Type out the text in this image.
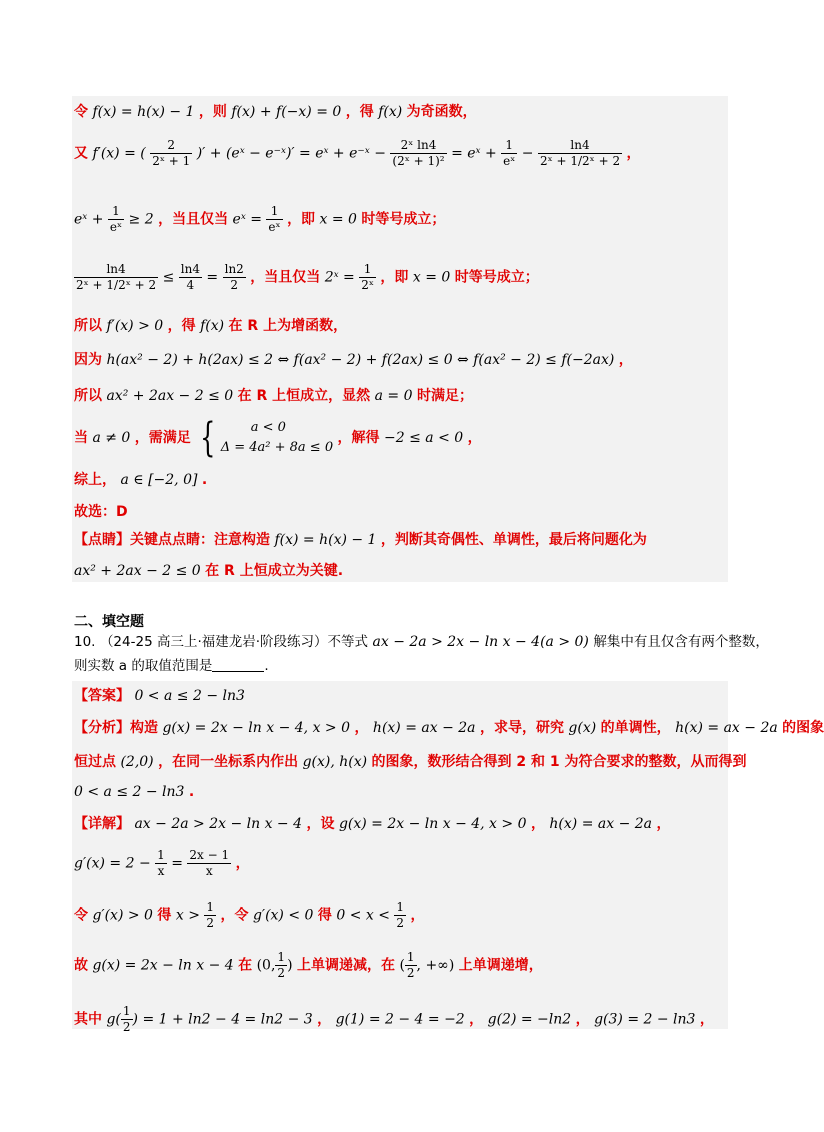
令 f(x) = h(x) − 1 ，则 f(x) + f(−x) = 0 ，得 f(x) 为奇函数，
又 f′(x) = ( $\frac{2}{\text{2ˣ + 1}}$ )′ + (eˣ − e⁻ˣ)′ = eˣ + e⁻ˣ − $\frac{\text{2ˣ ln4}}{\text{(2ˣ + 1)²}}$ = eˣ + $\frac{1}{\text{eˣ}} - \frac{\ln 4}{\text{2ˣ + 1/2ˣ + 2}}$ ，
eˣ + $\frac{1}{\text{eˣ}} \ge 2$ ，当且仅当 eˣ = $\frac{1}{\text{eˣ}}$ ，即 x = 0 时等号成立；
$\frac{\ln 4}{\text{2ˣ + 1/2ˣ + 2}} \le \frac{\ln 4}{4} = \frac{\ln 2}{2}$ ，当且仅当 2ˣ = $\frac{1}{\text{2ˣ}}$ ，即 x = 0 时等号成立；
所以 f′(x) > 0 ，得 f(x) 在 R 上为增函数，
因为 h(ax² − 2) + h(2ax) ≤ 2 ⇔ f(ax² − 2) + f(2ax) ≤ 0 ⇔ f(ax² − 2) ≤ f(−2ax) ，
所以 ax² + 2ax − 2 ≤ 0 在 R 上恒成立，显然 a = 0 时满足；
当 a ≠ 0 ，需满足 {	a < 0
Δ = 4a² + 8a ≤ 0
，解得 −2 ≤ a < 0 ，
综上， a ∈ [−2, 0] .
故选：D
【点睛】关键点点睛：注意构造 f(x) = h(x) − 1 ，判断其奇偶性、单调性，最后将问题化为
ax² + 2ax − 2 ≤ 0 在 R 上恒成立为关键.
二、填空题
10. （24-25 高三上·福建龙岩·阶段练习）不等式 ax − 2a > 2x − ln x − 4(a > 0) 解集中有且仅含有两个整数，
则实数 a 的取值范围是	.
【答案】 0 < a ≤ 2 − ln3
【分析】构造 g(x) = 2x − ln x − 4, x > 0 ， h(x) = ax − 2a ，求导，研究 g(x) 的单调性， h(x) = ax − 2a 的图象
恒过点 (2,0) ，在同一坐标系内作出 g(x), h(x) 的图象，数形结合得到 2 和 1 为符合要求的整数，从而得到
0 < a ≤ 2 − ln3 .
【详解】 ax − 2a > 2x − ln x − 4 ，设 g(x) = 2x − ln x − 4, x > 0 ， h(x) = ax − 2a ，
$g'(x) = 2 - \frac{1}{x} = \frac{2x - 1}{x}$ ，
令 g′(x) > 0 得 $x > \frac{1}{2}$ ，令 g′(x) < 0 得 $0 < x < \frac{1}{2}$ ，
故 g(x) = 2x − ln x − 4 在 (0, $\frac{1}{2}$ ) 上单调递减，在 ( $\frac{1}{2}$ , +∞) 上单调递增，
其中 $g( \frac{1}{2}$ ) = 1 + ln2 − 4 = ln2 − 3 ， g(1) = 2 − 4 = −2 ， g(2) = −ln2 ， g(3) = 2 − ln3 ，
